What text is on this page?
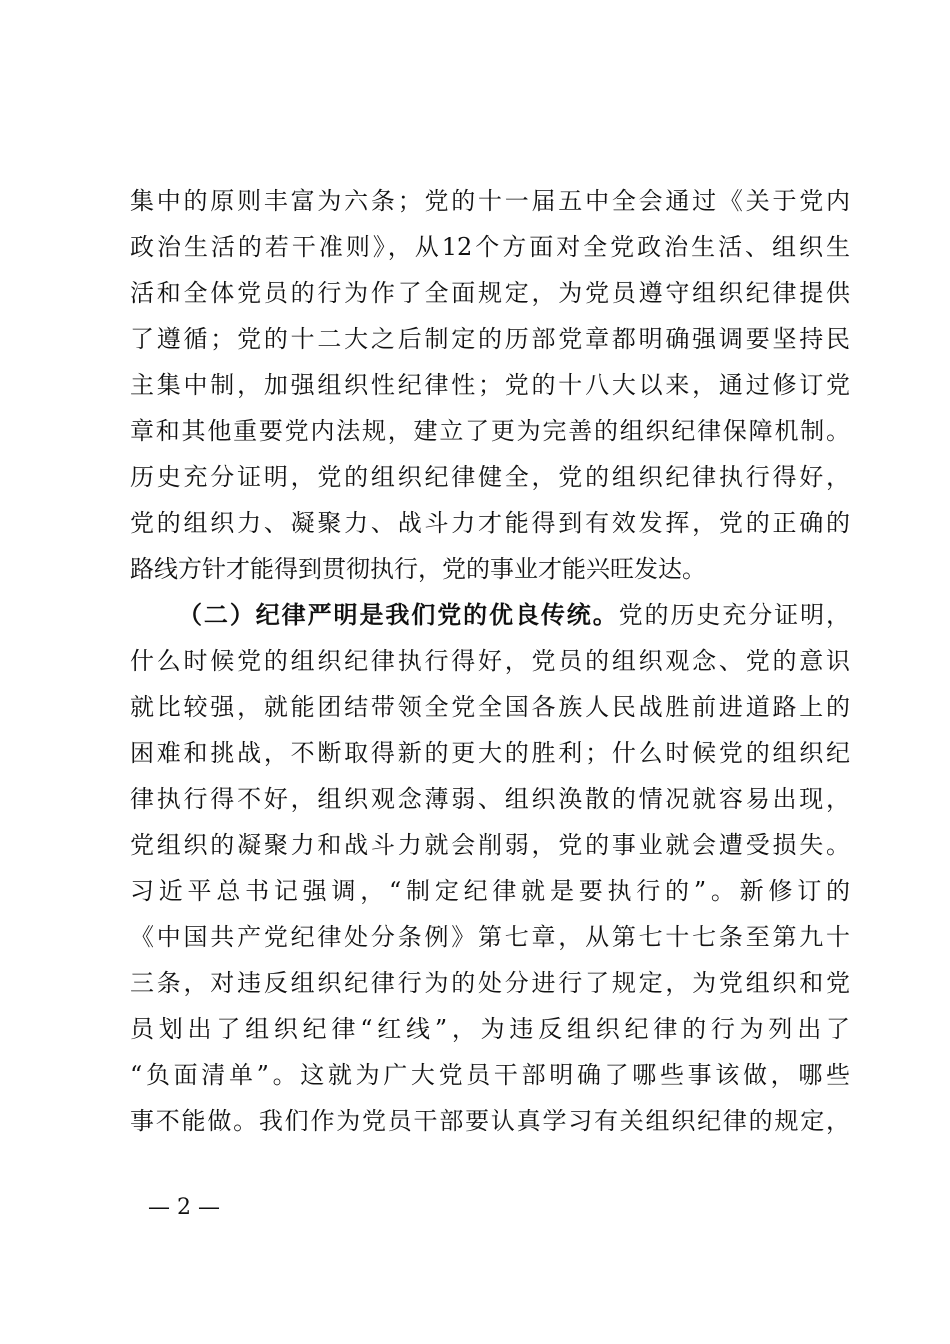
集中的原则丰富为六条；党的十一届五中全会通过《关于党内
政治生活的若干准则》，从12个方面对全党政治生活、组织生
活和全体党员的行为作了全面规定，为党员遵守组织纪律提供
了遵循；党的十二大之后制定的历部党章都明确强调要坚持民
主集中制，加强组织性纪律性；党的十八大以来，通过修订党
章和其他重要党内法规，建立了更为完善的组织纪律保障机制。
历史充分证明，党的组织纪律健全，党的组织纪律执行得好，
党的组织力、凝聚力、战斗力才能得到有效发挥，党的正确的
路线方针才能得到贯彻执行，党的事业才能兴旺发达。
（二）纪律严明是我们党的优良传统。党的历史充分证明，
什么时候党的组织纪律执行得好，党员的组织观念、党的意识
就比较强，就能团结带领全党全国各族人民战胜前进道路上的
困难和挑战，不断取得新的更大的胜利；什么时候党的组织纪
律执行得不好，组织观念薄弱、组织涣散的情况就容易出现，
党组织的凝聚力和战斗力就会削弱，党的事业就会遭受损失。
习近平总书记强调，“制定纪律就是要执行的”。新修订的
《中国共产党纪律处分条例》第七章，从第七十七条至第九十
三条，对违反组织纪律行为的处分进行了规定，为党组织和党
员划出了组织纪律“红线”，为违反组织纪律的行为列出了
“负面清单”。这就为广大党员干部明确了哪些事该做，哪些
事不能做。我们作为党员干部要认真学习有关组织纪律的规定，
— 2 —
